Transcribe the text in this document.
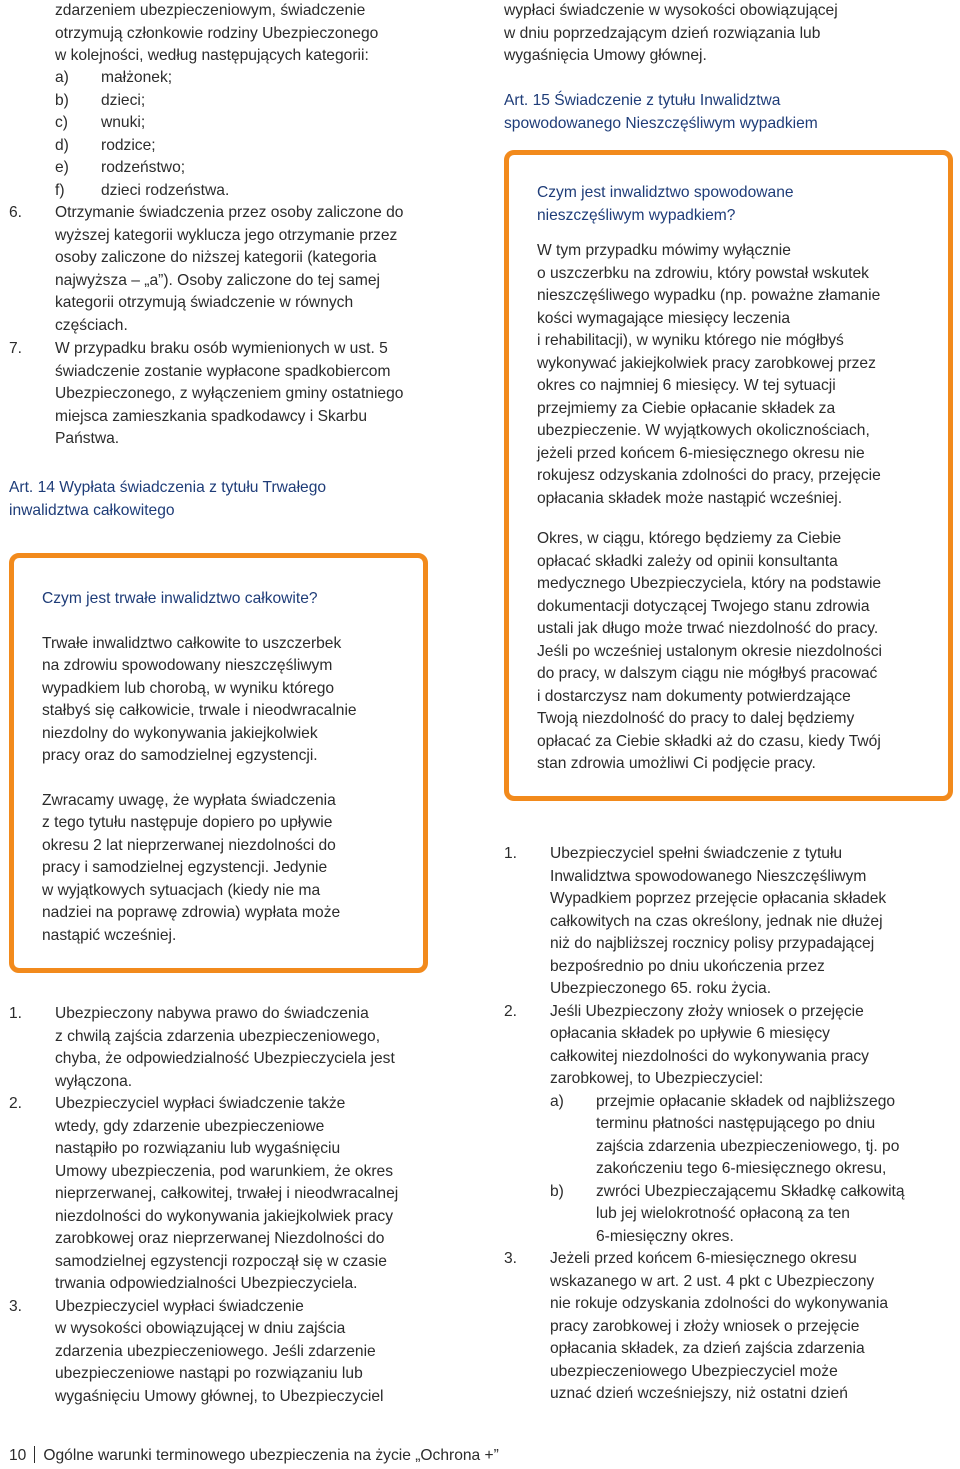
zdarzeniem ubezpieczeniowym, świadczenie
otrzymują członkowie rodziny Ubezpieczonego
w kolejności, według następujących kategorii:
a) małżonek;
b) dzieci;
c) wnuki;
d) rodzice;
e) rodzeństwo;
f) dzieci rodzeństwa.
6. Otrzymanie świadczenia przez osoby zaliczone do
wyższej kategorii wyklucza jego otrzymanie przez
osoby zaliczone do niższej kategorii (kategoria
najwyższa – „a”). Osoby zaliczone do tej samej
kategorii otrzymują świadczenie w równych
częściach.
7. W przypadku braku osób wymienionych w ust. 5
świadczenie zostanie wypłacone spadkobiercom
Ubezpieczonego, z wyłączeniem gminy ostatniego
miejsca zamieszkania spadkodawcy i Skarbu
Państwa.
Art. 14 Wypłata świadczenia z tytułu Trwałego
inwalidztwa całkowitego

Czym jest trwałe inwalidztwo całkowite?

Trwałe inwalidztwo całkowite to uszczerbek
na zdrowiu spowodowany nieszczęśliwym
wypadkiem lub chorobą, w wyniku którego
stałbyś się całkowicie, trwale i nieodwracalnie
niezdolny do wykonywania jakiejkolwiek
pracy oraz do samodzielnej egzystencji.

Zwracamy uwagę, że wypłata świadczenia
z tego tytułu następuje dopiero po upływie
okresu 2 lat nieprzerwanej niezdolności do
pracy i samodzielnej egzystencji. Jedynie
w wyjątkowych sytuacjach (kiedy nie ma
nadziei na poprawę zdrowia) wypłata może
nastąpić wcześniej.

1. Ubezpieczony nabywa prawo do świadczenia
z chwilą zajścia zdarzenia ubezpieczeniowego,
chyba, że odpowiedzialność Ubezpieczyciela jest
wyłączona.
2. Ubezpieczyciel wypłaci świadczenie także
wtedy, gdy zdarzenie ubezpieczeniowe
nastąpiło po rozwiązaniu lub wygaśnięciu
Umowy ubezpieczenia, pod warunkiem, że okres
nieprzerwanej, całkowitej, trwałej i nieodwracalnej
niezdolności do wykonywania jakiejkolwiek pracy
zarobkowej oraz nieprzerwanej Niezdolności do
samodzielnej egzystencji rozpoczął się w czasie
trwania odpowiedzialności Ubezpieczyciela.
3. Ubezpieczyciel wypłaci świadczenie
w wysokości obowiązującej w dniu zajścia
zdarzenia ubezpieczeniowego. Jeśli zdarzenie
ubezpieczeniowe nastąpi po rozwiązaniu lub
wygaśnięciu Umowy głównej, to Ubezpieczyciel
wypłaci świadczenie w wysokości obowiązującej
w dniu poprzedzającym dzień rozwiązania lub
wygaśnięcia Umowy głównej.
Art. 15 Świadczenie z tytułu Inwalidztwa
spowodowanego Nieszczęśliwym wypadkiem

Czym jest inwalidztwo spowodowane
nieszczęśliwym wypadkiem?

W tym przypadku mówimy wyłącznie
o uszczerbku na zdrowiu, który powstał wskutek
nieszczęśliwego wypadku (np. poważne złamanie
kości wymagające miesięcy leczenia
i rehabilitacji), w wyniku którego nie mógłbyś
wykonywać jakiejkolwiek pracy zarobkowej przez
okres co najmniej 6 miesięcy. W tej sytuacji
przejmiemy za Ciebie opłacanie składek za
ubezpieczenie. W wyjątkowych okolicznościach,
jeżeli przed końcem 6-miesięcznego okresu nie
rokujesz odzyskania zdolności do pracy, przejęcie
opłacania składek może nastąpić wcześniej.

Okres, w ciągu, którego będziemy za Ciebie
opłacać składki zależy od opinii konsultanta
medycznego Ubezpieczyciela, który na podstawie
dokumentacji dotyczącej Twojego stanu zdrowia
ustali jak długo może trwać niezdolność do pracy.
Jeśli po wcześniej ustalonym okresie niezdolności
do pracy, w dalszym ciągu nie mógłbyś pracować
i dostarczysz nam dokumenty potwierdzające
Twoją niezdolność do pracy to dalej będziemy
opłacać za Ciebie składki aż do czasu, kiedy Twój
stan zdrowia umożliwi Ci podjęcie pracy.

1. Ubezpieczyciel spełni świadczenie z tytułu
Inwalidztwa spowodowanego Nieszczęśliwym
Wypadkiem poprzez przejęcie opłacania składek
całkowitych na czas określony, jednak nie dłużej
niż do najbliższej rocznicy polisy przypadającej
bezpośrednio po dniu ukończenia przez
Ubezpieczonego 65. roku życia.
2. Jeśli Ubezpieczony złoży wniosek o przejęcie
opłacania składek po upływie 6 miesięcy
całkowitej niezdolności do wykonywania pracy
zarobkowej, to Ubezpieczyciel:
a) przejmie opłacanie składek od najbliższego
terminu płatności następującego po dniu
zajścia zdarzenia ubezpieczeniowego, tj. po
zakończeniu tego 6-miesięcznego okresu,
b) zwróci Ubezpieczającemu Składkę całkowitą
lub jej wielokrotność opłaconą za ten
6-miesięczny okres.
3. Jeżeli przed końcem 6-miesięcznego okresu
wskazanego w art. 2 ust. 4 pkt c Ubezpieczony
nie rokuje odzyskania zdolności do wykonywania
pracy zarobkowej i złoży wniosek o przejęcie
opłacania składek, za dzień zajścia zdarzenia
ubezpieczeniowego Ubezpieczyciel może
uznać dzień wcześniejszy, niż ostatni dzień
10 Ogólne warunki terminowego ubezpieczenia na życie „Ochrona +”
